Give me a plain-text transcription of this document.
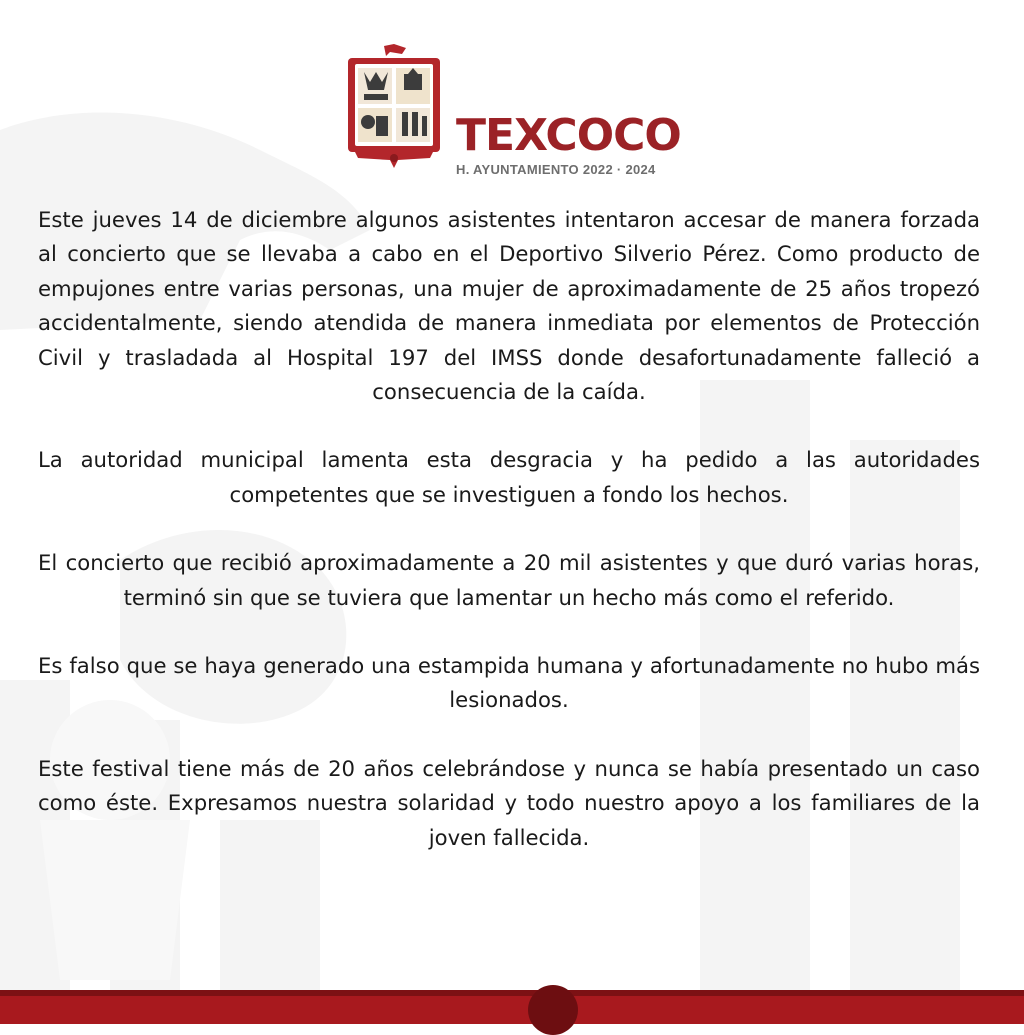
TEXCOCO
H. AYUNTAMIENTO 2022 · 2024

Este jueves 14 de diciembre algunos asistentes intentaron accesar de manera forzada al concierto que se llevaba a cabo en el Deportivo Silverio Pérez. Como producto de empujones entre varias personas, una mujer de aproximadamente de 25 años tropezó accidentalmente, siendo atendida de manera inmediata por elementos de Protección Civil y trasladada al Hospital 197 del IMSS donde desafortunadamente falleció a consecuencia de la caída.

La autoridad municipal lamenta esta desgracia y ha pedido a las autoridades competentes que se investiguen a fondo los hechos.

El concierto que recibió aproximadamente a 20 mil asistentes y que duró varias horas, terminó sin que se tuviera que lamentar un hecho más como el referido.

Es falso que se haya generado una estampida humana y afortunadamente no hubo más lesionados.

Este festival tiene más de 20 años celebrándose y nunca se había presentado un caso como éste. Expresamos nuestra solaridad y todo nuestro apoyo a los familiares de la joven fallecida.
